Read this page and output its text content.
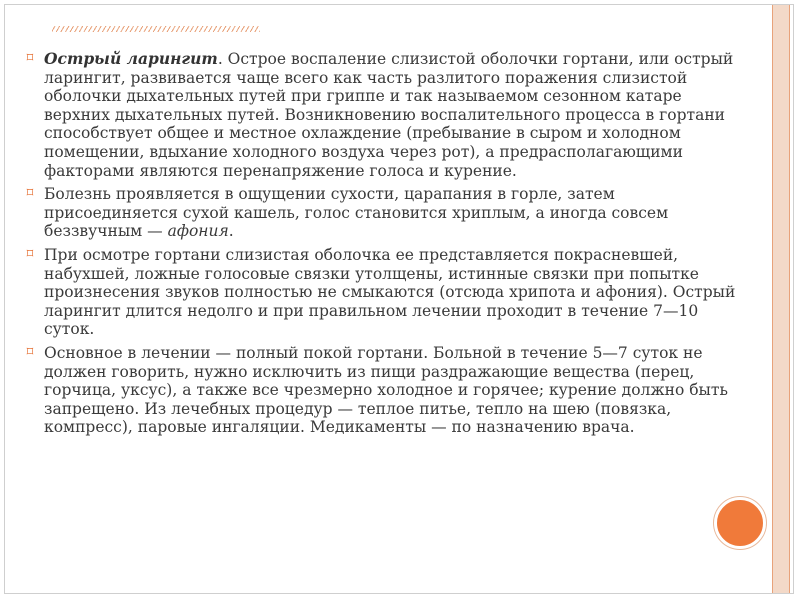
⌑ Острый ларингит. Острое воспаление слизистой оболочки гортани, или острый ларингит, развивается чаще всего как часть разлитого поражения слизистой оболочки дыхательных путей при гриппе и так называемом сезонном катаре верхних дыхательных путей. Возникновению воспалительного процесса в гортани способствует общее и местное охлаждение (пребывание в сыром и холодном помещении, вдыхание холодного воздуха через рот), а предрасполагающими факторами являются перенапряжение голоса и курение.
⌑ Болезнь проявляется в ощущении сухости, царапания в горле, затем присоединяется сухой кашель, голос становится хриплым, а иногда совсем беззвучным — афония.
⌑ При осмотре гортани слизистая оболочка ее представляется покрасневшей, набухшей, ложные голосовые связки утолщены, истинные связки при попытке произнесения звуков полностью не смыкаются (отсюда хрипота и афония). Острый ларингит длится недолго и при правильном лечении проходит в течение 7—10 суток.
⌑ Основное в лечении — полный покой гортани. Больной в течение 5—7 суток не должен говорить, нужно исключить из пищи раздражающие вещества (перец, горчица, уксус), а также все чрезмерно холодное и горячее; курение должно быть запрещено. Из лечебных процедур — теплое питье, тепло на шею (повязка, компресс), паровые ингаляции. Медикаменты — по назначению врача.
